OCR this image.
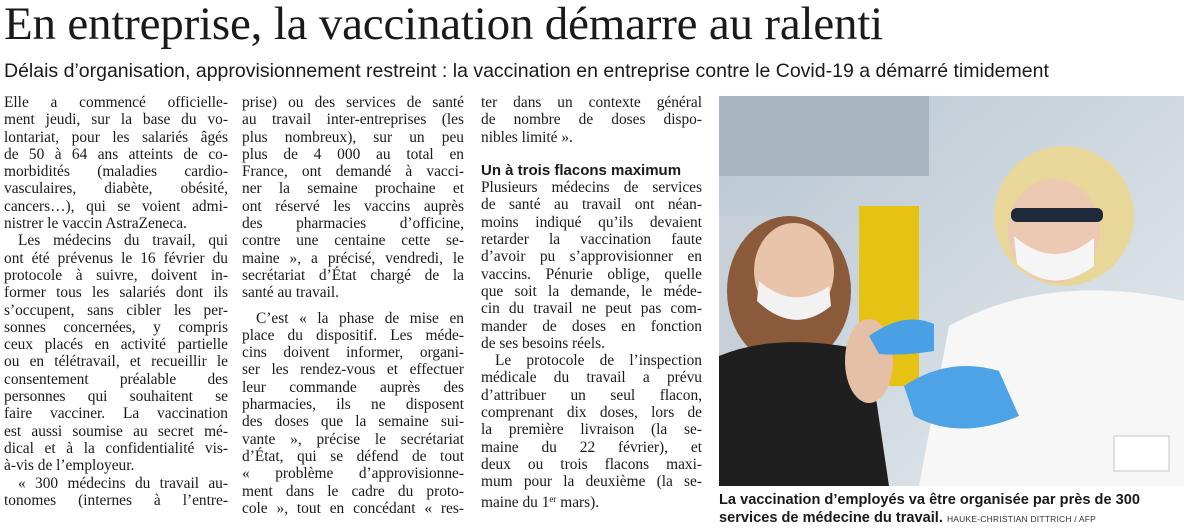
En entreprise, la vaccination démarre au ralenti
Délais d’organisation, approvisionnement restreint : la vaccination en entreprise contre le Covid-19 a démarré timidement
Elle a commencé officielle-
ment jeudi, sur la base du vo-
lontariat, pour les salariés âgés
de 50 à 64 ans atteints de co-
morbidités (maladies cardio-
vasculaires, diabète, obésité,
cancers…), qui se voient admi-
nistrer le vaccin AstraZeneca.
Les médecins du travail, qui
ont été prévenus le 16 février du
protocole à suivre, doivent in-
former tous les salariés dont ils
s’occupent, sans cibler les per-
sonnes concernées, y compris
ceux placés en activité partielle
ou en télétravail, et recueillir le
consentement préalable des
personnes qui souhaitent se
faire vacciner. La vaccination
est aussi soumise au secret mé-
dical et à la confidentialité vis-
à-vis de l’employeur.
« 300 médecins du travail au-
tonomes (internes à l’entre-
prise) ou des services de santé
au travail inter-entreprises (les
plus nombreux), sur un peu
plus de 4 000 au total en
France, ont demandé à vacci-
ner la semaine prochaine et
ont réservé les vaccins auprès
des pharmacies d’officine,
contre une centaine cette se-
maine », a précisé, vendredi, le
secrétariat d’État chargé de la
santé au travail.
C’est « la phase de mise en
place du dispositif. Les méde-
cins doivent informer, organi-
ser les rendez-vous et effectuer
leur commande auprès des
pharmacies, ils ne disposent
des doses que la semaine sui-
vante », précise le secrétariat
d’État, qui se défend de tout
« problème d’approvisionne-
ment dans le cadre du proto-
cole », tout en concédant « res-
ter dans un contexte général
de nombre de doses dispo-
nibles limité ».
Un à trois flacons maximum
Plusieurs médecins de services
de santé au travail ont néan-
moins indiqué qu’ils devaient
retarder la vaccination faute
d’avoir pu s’approvisionner en
vaccins. Pénurie oblige, quelle
que soit la demande, le méde-
cin du travail ne peut pas com-
mander de doses en fonction
de ses besoins réels.
Le protocole de l’inspection
médicale du travail a prévu
d’attribuer un seul flacon,
comprenant dix doses, lors de
la première livraison (la se-
maine du 22 février), et
deux ou trois flacons maxi-
mum pour la deuxième (la se-
maine du 1er mars).	La vaccination d’employés va être organisée par près de 300 services de médecine du travail. HAUKE-CHRISTIAN DITTRICH / AFP
